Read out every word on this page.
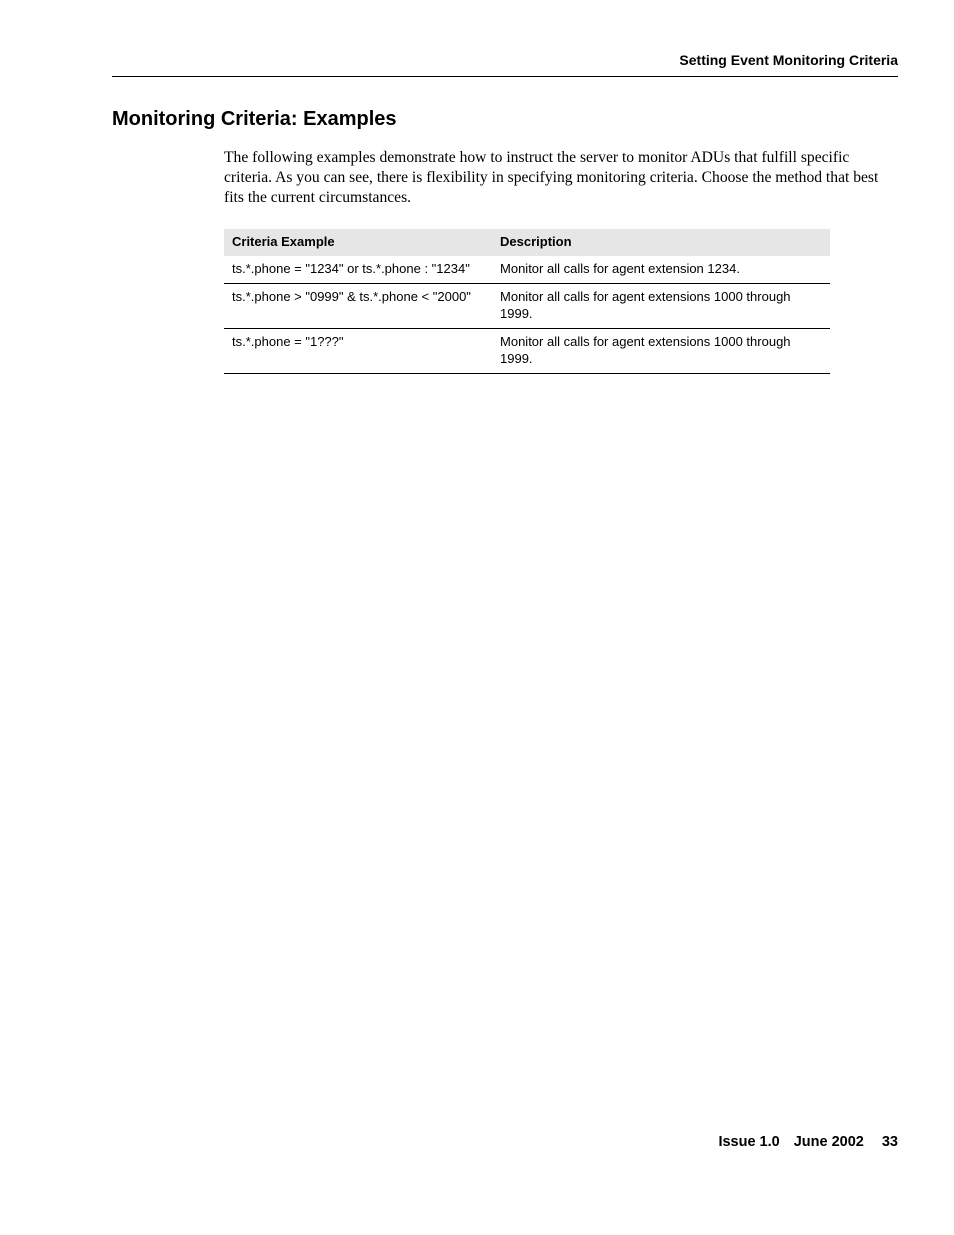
Setting Event Monitoring Criteria
Monitoring Criteria: Examples

The following examples demonstrate how to instruct the server to monitor ADUs that fulfill specific criteria. As you can see, there is flexibility in specifying monitoring criteria. Choose the method that best fits the current circumstances.

Criteria Example	Description
ts.*.phone = "1234" or ts.*.phone : "1234"	Monitor all calls for agent extension 1234.
ts.*.phone > "0999" & ts.*.phone < "2000"	Monitor all calls for agent extensions 1000 through 1999.
ts.*.phone = "1???"	Monitor all calls for agent extensions 1000 through 1999.
Issue 1.0 June 2002 33
